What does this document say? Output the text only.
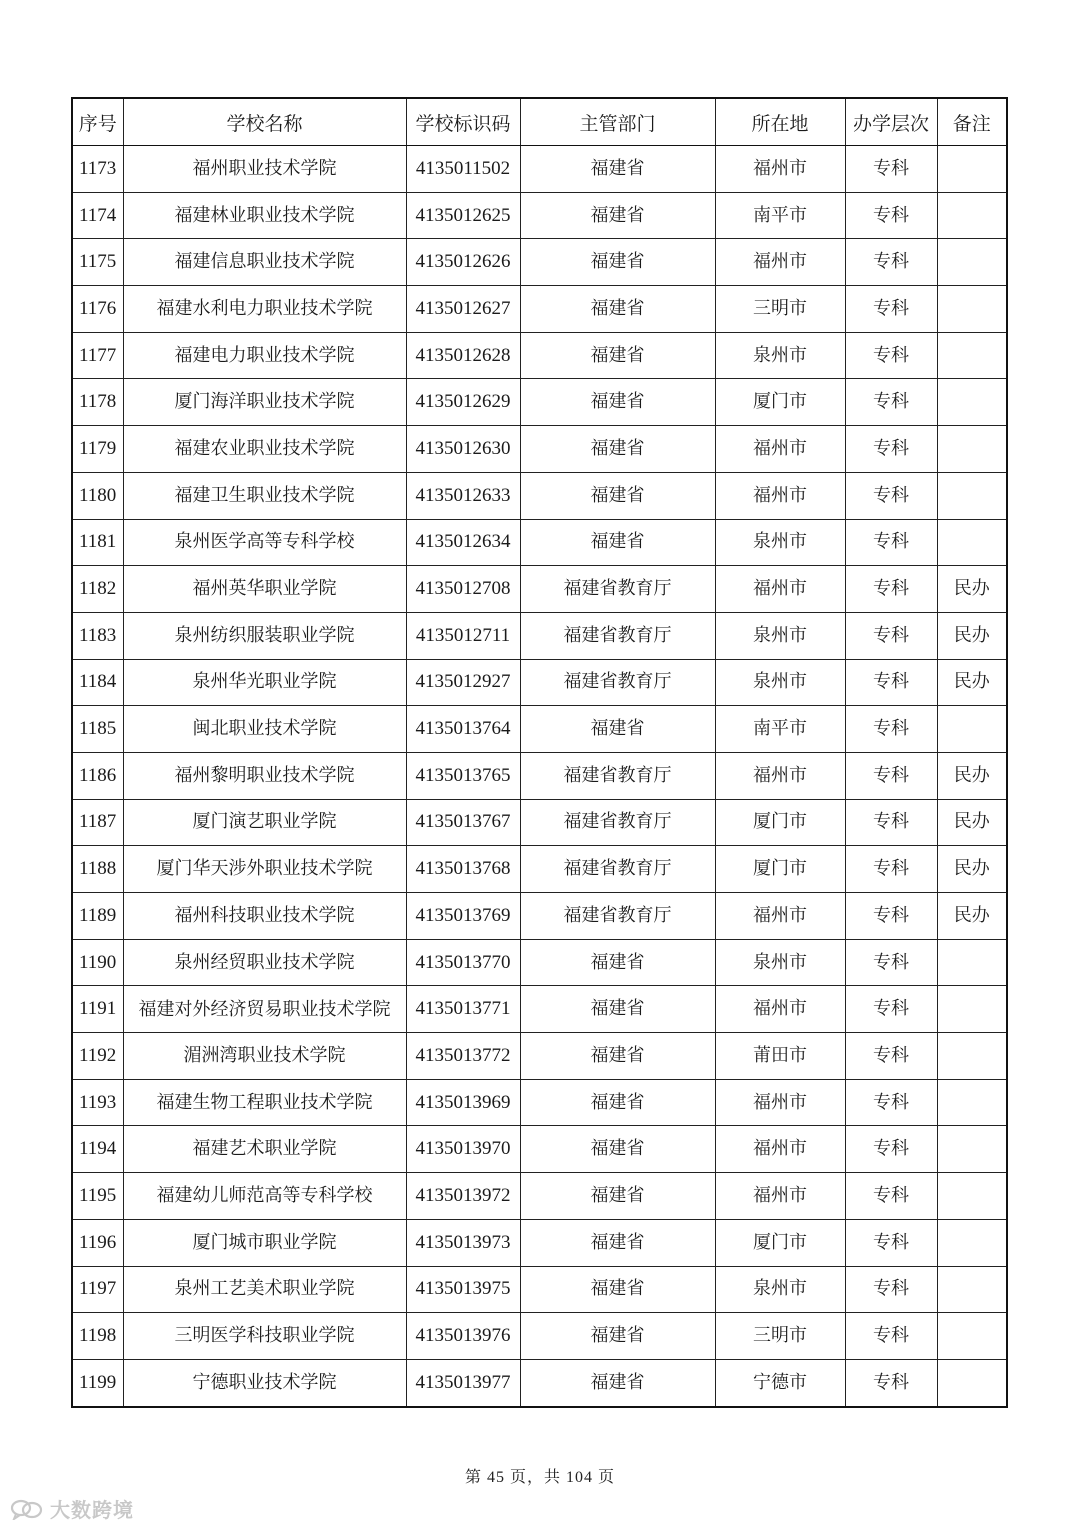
序号	学校名称	学校标识码	主管部门	所在地	办学层次	备注
1173	福州职业技术学院	4135011502	福建省	福州市	专科	
1174	福建林业职业技术学院	4135012625	福建省	南平市	专科	
1175	福建信息职业技术学院	4135012626	福建省	福州市	专科	
1176	福建水利电力职业技术学院	4135012627	福建省	三明市	专科	
1177	福建电力职业技术学院	4135012628	福建省	泉州市	专科	
1178	厦门海洋职业技术学院	4135012629	福建省	厦门市	专科	
1179	福建农业职业技术学院	4135012630	福建省	福州市	专科	
1180	福建卫生职业技术学院	4135012633	福建省	福州市	专科	
1181	泉州医学高等专科学校	4135012634	福建省	泉州市	专科	
1182	福州英华职业学院	4135012708	福建省教育厅	福州市	专科	民办
1183	泉州纺织服装职业学院	4135012711	福建省教育厅	泉州市	专科	民办
1184	泉州华光职业学院	4135012927	福建省教育厅	泉州市	专科	民办
1185	闽北职业技术学院	4135013764	福建省	南平市	专科	
1186	福州黎明职业技术学院	4135013765	福建省教育厅	福州市	专科	民办
1187	厦门演艺职业学院	4135013767	福建省教育厅	厦门市	专科	民办
1188	厦门华天涉外职业技术学院	4135013768	福建省教育厅	厦门市	专科	民办
1189	福州科技职业技术学院	4135013769	福建省教育厅	福州市	专科	民办
1190	泉州经贸职业技术学院	4135013770	福建省	泉州市	专科	
1191	福建对外经济贸易职业技术学院	4135013771	福建省	福州市	专科	
1192	湄洲湾职业技术学院	4135013772	福建省	莆田市	专科	
1193	福建生物工程职业技术学院	4135013969	福建省	福州市	专科	
1194	福建艺术职业学院	4135013970	福建省	福州市	专科	
1195	福建幼儿师范高等专科学校	4135013972	福建省	福州市	专科	
1196	厦门城市职业学院	4135013973	福建省	厦门市	专科	
1197	泉州工艺美术职业学院	4135013975	福建省	泉州市	专科	
1198	三明医学科技职业学院	4135013976	福建省	三明市	专科	
1199	宁德职业技术学院	4135013977	福建省	宁德市	专科	
第 45 页，共 104 页
大数跨境
